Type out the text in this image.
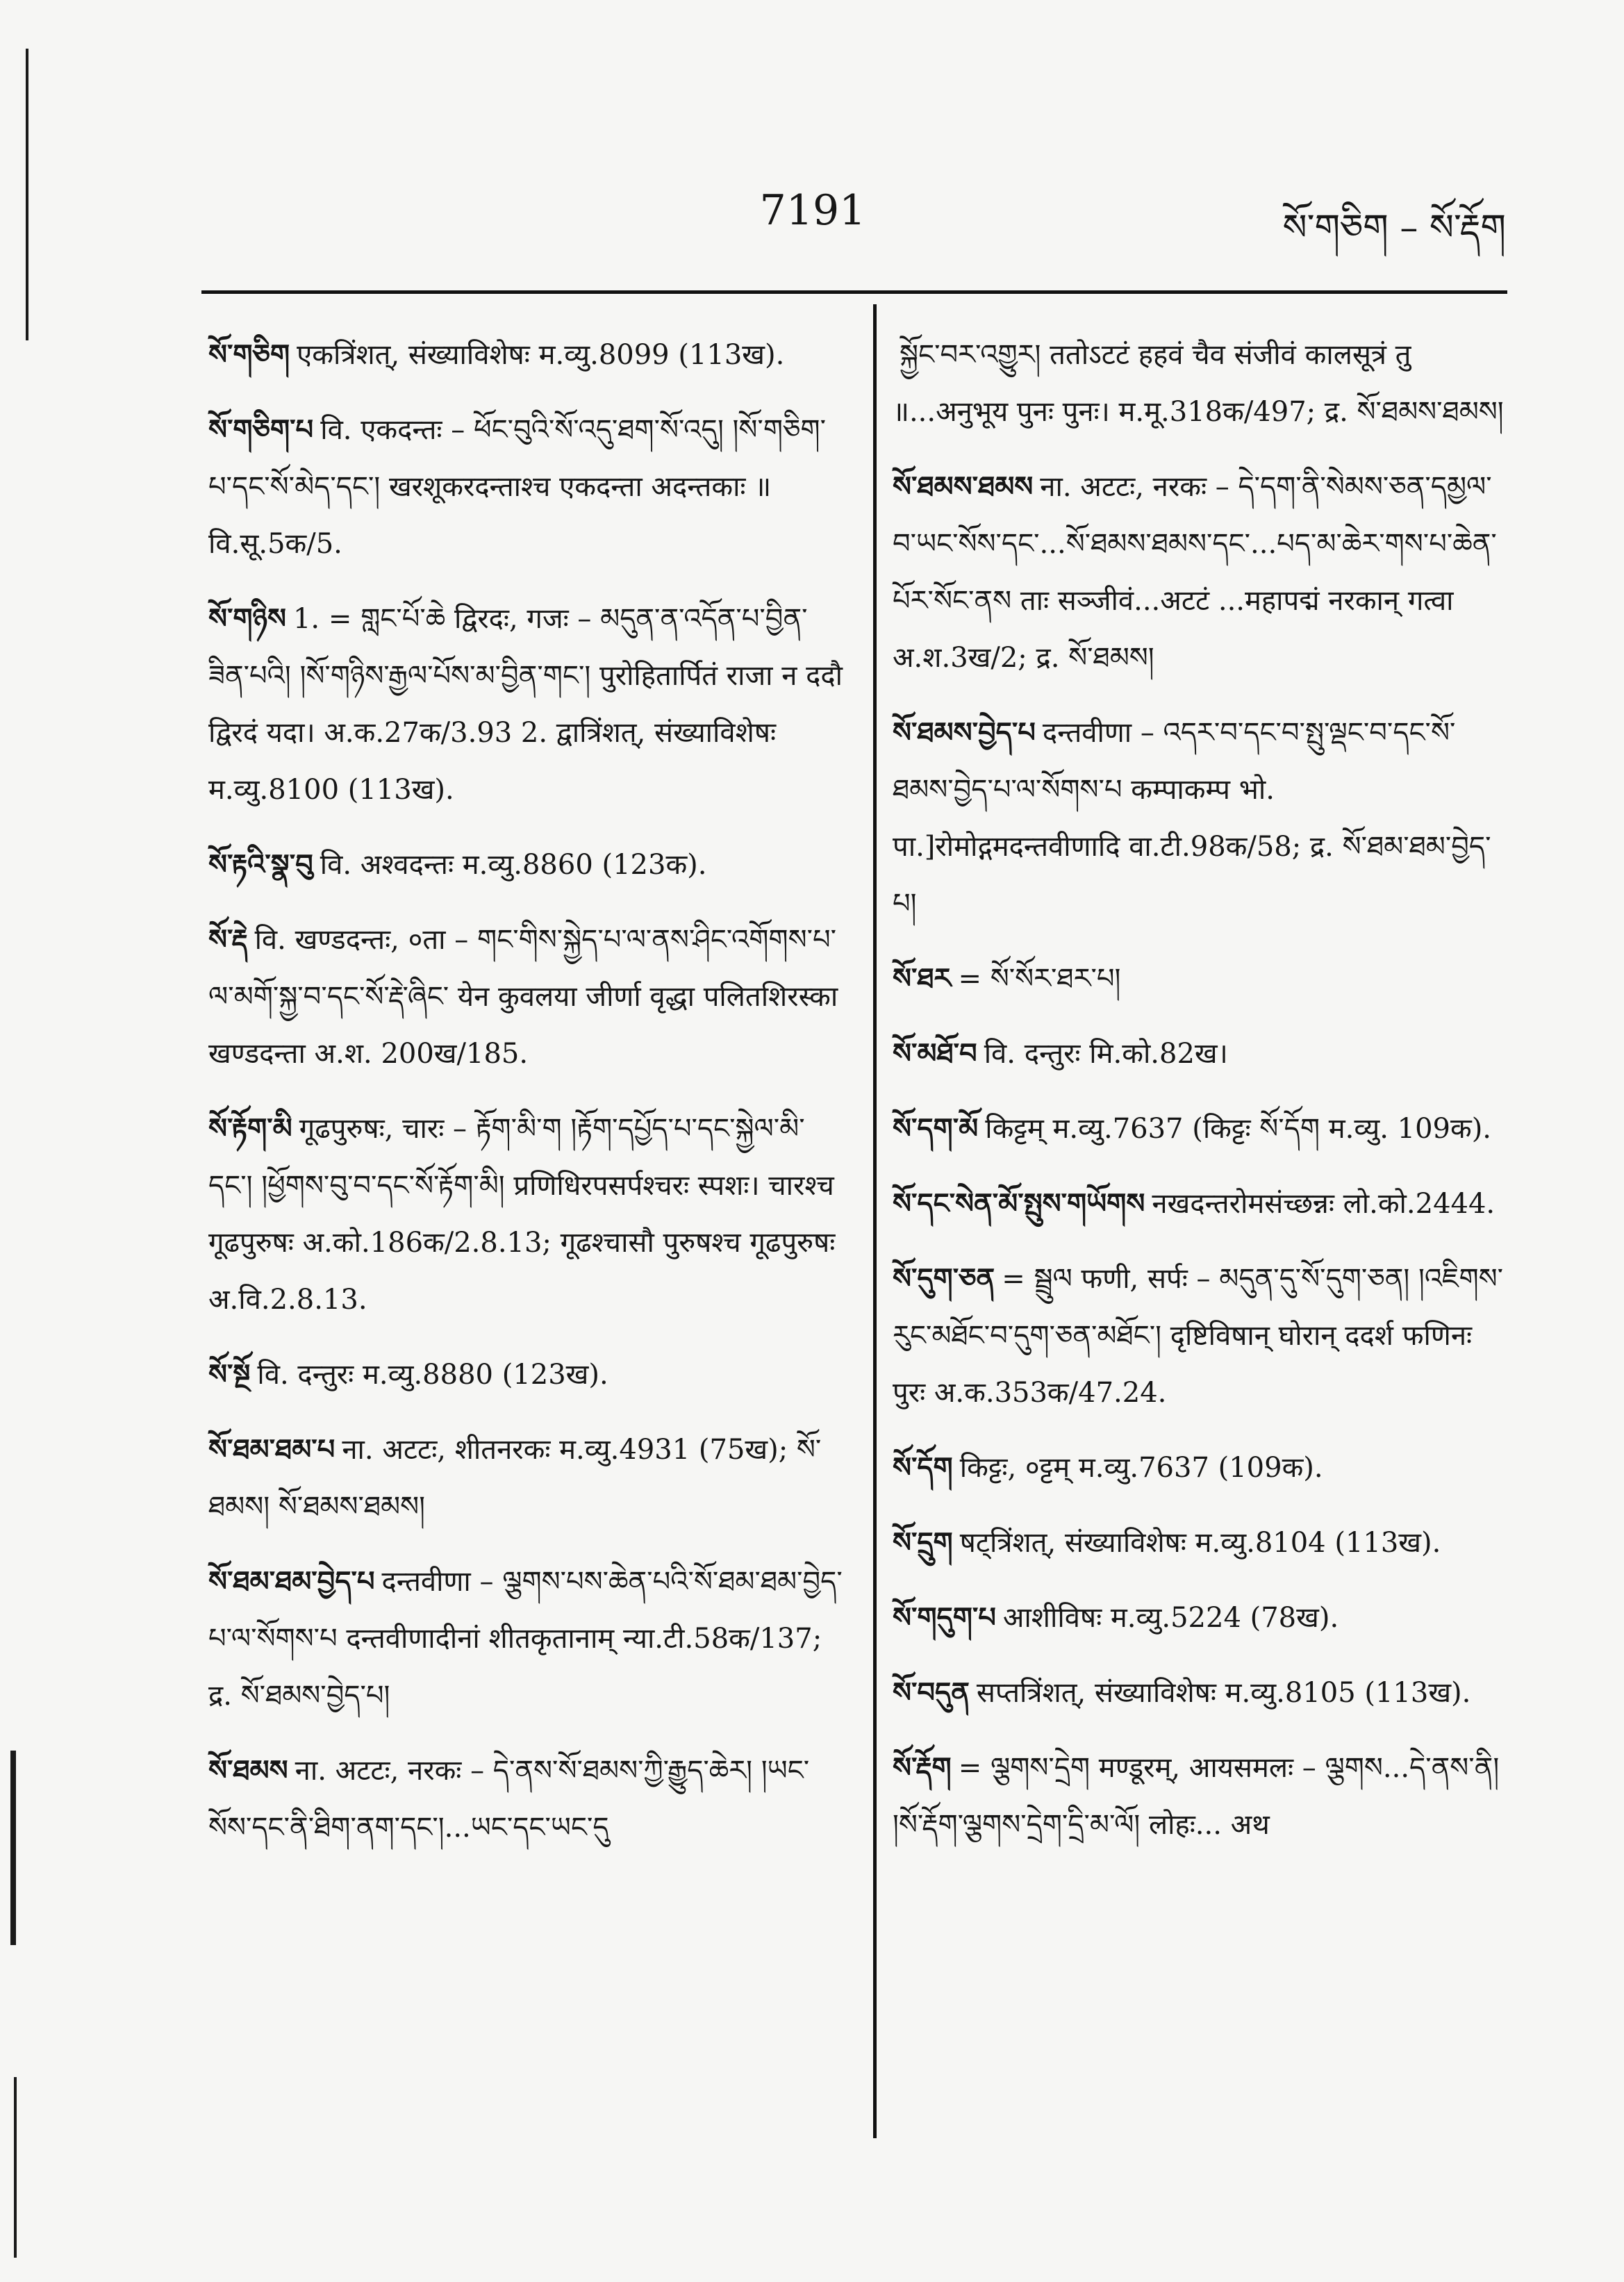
7191	སོ་གཅིག – སོ་རྡོག
སོ་གཅིག एकत्रिंशत्, संख्याविशेषः म.व्यु.8099 (113ख).
སོ་གཅིག་པ वि. एकदन्तः – ཕོང་བུའི་སོ་འདུ་ཐག་སོ་འདུ། །སོ་གཅིག་པ་དང་སོ་མེད་དང་། खरशूकरदन्ताश्च एकदन्ता अदन्तकाः ॥ वि.सू.5क/5.
སོ་གཉིས 1. = གླང་པོ་ཆེ द्विरदः, गजः – མདུན་ན་འདོན་པ་བྱིན་ཟིན་པའི། །སོ་གཉིས་རྒྱལ་པོས་མ་བྱིན་གང་། पुरोहितार्पितं राजा न ददौ द्विरदं यदा। अ.क.27क/3.93 2. द्वात्रिंशत्, संख्याविशेषः म.व्यु.8100 (113ख).
སོ་རྟའི་སྣ་བུ वि. अश्वदन्तः म.व्यु.8860 (123क).
སོ་རྡེ वि. खण्डदन्तः, ०ता – གང་གིས་སྐྱེད་པ་ལ་ནས་ཤིང་འགོགས་པ་ལ་མགོ་སྐྱ་བ་དང་སོ་རྡེ་ཞིང་ येन कुवलया जीर्णा वृद्धा पलितशिरस्का खण्डदन्ता अ.श. 200ख/185.
སོ་རྟོག་མི गूढपुरुषः, चारः – རྟོག་མི་ག །རྟོག་དཔྱོད་པ་དང་སྐྱེལ་མི་དང་། །ཕྱོགས་བུ་བ་དང་སོ་རྟོག་མི། प्रणिधिरपसर्पश्चरः स्पशः। चारश्च गूढपुरुषः अ.को.186क/2.8.13; गूढश्चासौ पुरुषश्च गूढपुरुषः अ.वि.2.8.13.
སོ་སྔོ वि. दन्तुरः म.व्यु.8880 (123ख).
སོ་ཐམ་ཐམ་པ ना. अटटः, शीतनरकः म.व्यु.4931 (75ख); སོ་ཐམས། སོ་ཐམས་ཐམས།
སོ་ཐམ་ཐམ་བྱེད་པ दन्तवीणा – ལྕགས་པས་ཆེན་པའི་སོ་ཐམ་ཐམ་བྱེད་པ་ལ་སོགས་པ दन्तवीणादीनां शीतकृतानाम् न्या.टी.58क/137; द्र. སོ་ཐམས་བྱེད་པ།
སོ་ཐམས ना. अटटः, नरकः – དེ་ནས་སོ་ཐམས་ཀྱི་རྒྱུད་ཆེར། །ཡང་སོས་དང་ནི་ཐིག་ནག་དང་།...ཡང་དང་ཡང་དུ
སྐྱོང་བར་འགྱུར། ततोऽटटं हहवं चैव संजीवं कालसूत्रं तु ॥...अनुभूय पुनः पुनः। म.मू.318क/497; द्र. སོ་ཐམས་ཐམས།
སོ་ཐམས་ཐམས ना. अटटः, नरकः – དེ་དག་ནི་སེམས་ཅན་དམྱལ་བ་ཡང་སོས་དང་...སོ་ཐམས་ཐམས་དང་...པད་མ་ཆེར་གས་པ་ཆེན་པོར་སོང་ནས ताः सञ्जीवं...अटटं ...महापद्मं नरकान् गत्वा अ.श.3ख/2; द्र. སོ་ཐམས།
སོ་ཐམས་བྱེད་པ दन्तवीणा – འདར་བ་དང་བ་སྤུ་ལྡང་བ་དང་སོ་ཐམས་བྱེད་པ་ལ་སོགས་པ कम्पाकम्प भो. पा.]रोमोद्गमदन्तवीणादि वा.टी.98क/58; द्र. སོ་ཐམ་ཐམ་བྱེད་པ།
སོ་ཐར = སོ་སོར་ཐར་པ།
སོ་མཐོ་བ वि. दन्तुरः मि.को.82ख।
སོ་དག་མོ किट्टम् म.व्यु.7637 (किट्टः སོ་དོག म.व्यु. 109क).
སོ་དང་སེན་མོ་སྤུས་གཡོགས नखदन्तरोमसंच्छन्नः लो.को.2444.
སོ་དུག་ཅན = སྦྲུལ फणी, सर्पः – མདུན་དུ་སོ་དུག་ཅན། །འཇིགས་རུང་མཐོང་བ་དུག་ཅན་མཐོང་། दृष्टिविषान् घोरान् ददर्श फणिनः पुरः अ.क.353क/47.24.
སོ་དོག किट्टः, ०ट्टम् म.व्यु.7637 (109क).
སོ་དྲུག षट्त्रिंशत्, संख्याविशेषः म.व्यु.8104 (113ख).
སོ་གདུག་པ आशीविषः म.व्यु.5224 (78ख).
སོ་བདུན सप्तत्रिंशत्, संख्याविशेषः म.व्यु.8105 (113ख).
སོ་རྡོག = ལྕགས་དྲེག मण्डूरम्, आयसमलः – ལྕགས...དེ་ནས་ནི། །སོ་རྡོག་ལྕགས་དྲེག་དྲི་མ་ལོ། लोहः... अथ
